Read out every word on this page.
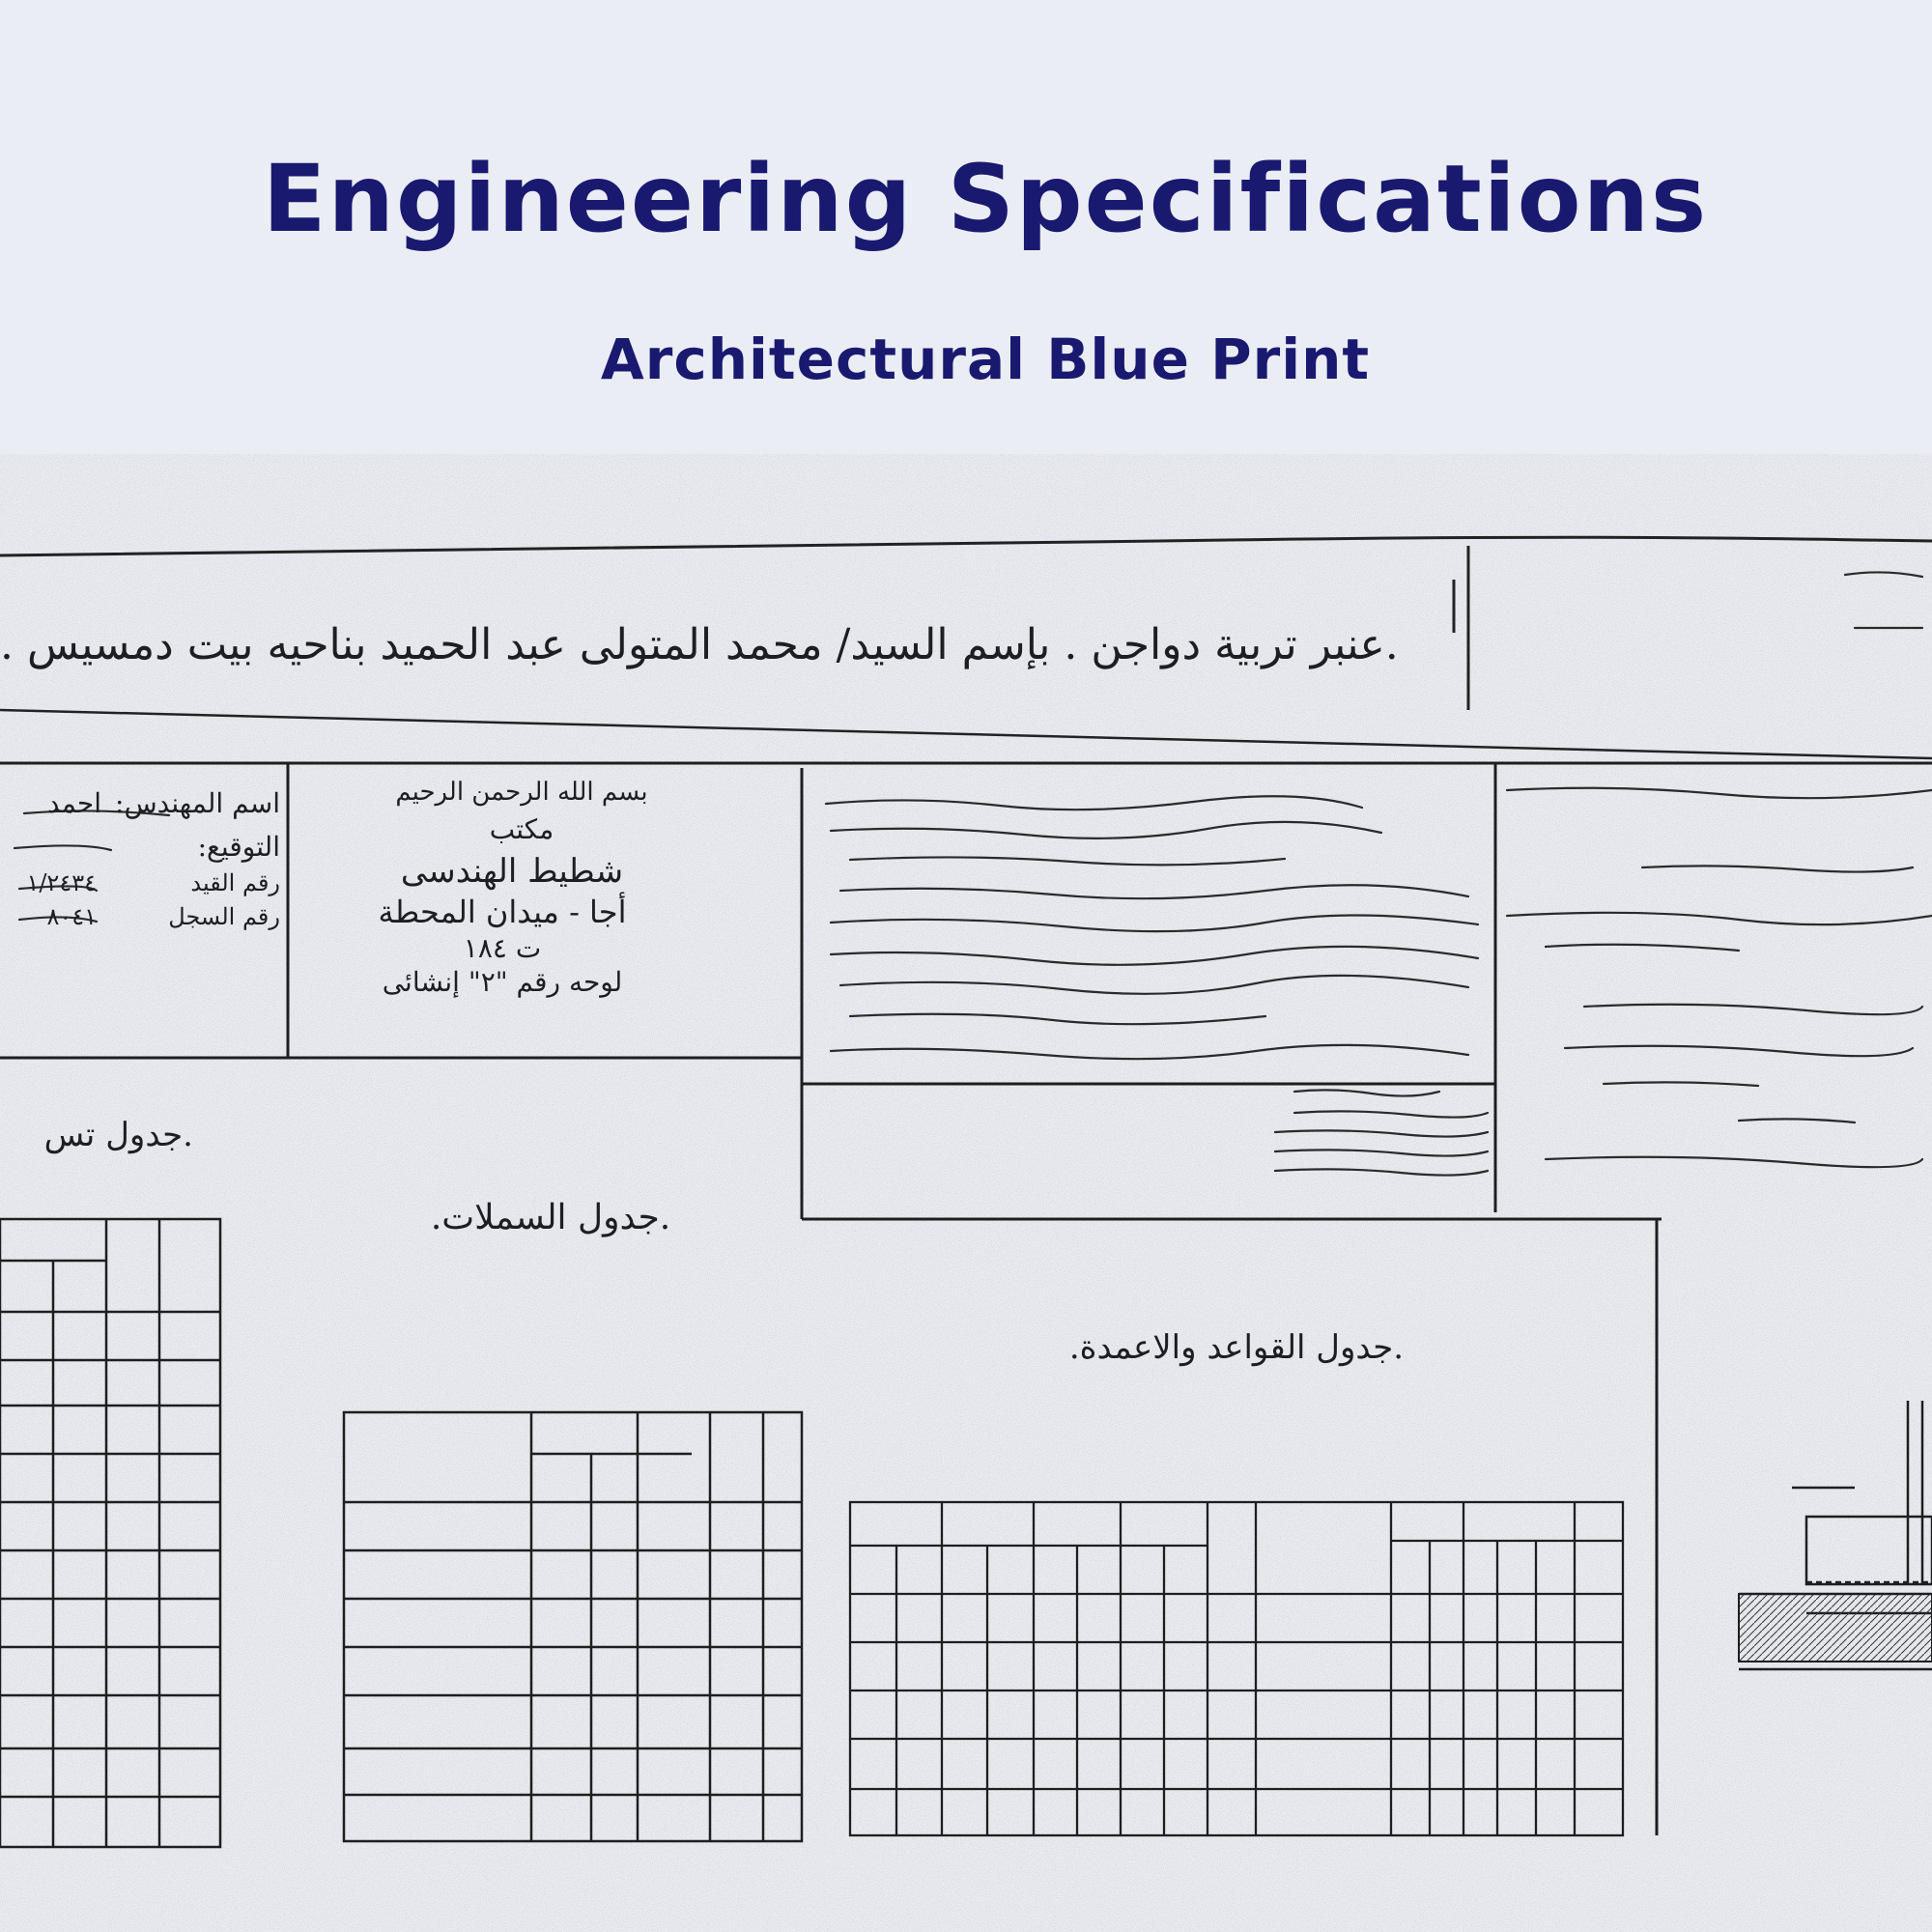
Engineering Specifications
Architectural Blue Print
.عنبر تربية دواجن . بإسم السيد/ محمد المتولى عبد الحميد بناحيه بيت دمسيس .
بسم الله الرحمن الرحيم
مكتب
شطيط الهندسى
أجا - ميدان المحطة
ت ١٨٤
لوحه رقم "٢" إنشائى
اسم المهندس:
احمد
التوقيع:
رقم القيد
١/٢٤٣٤
رقم السجل
٨٠٤١
.جدول تس
.جدول السملات.
.جدول القواعد والاعمدة.
